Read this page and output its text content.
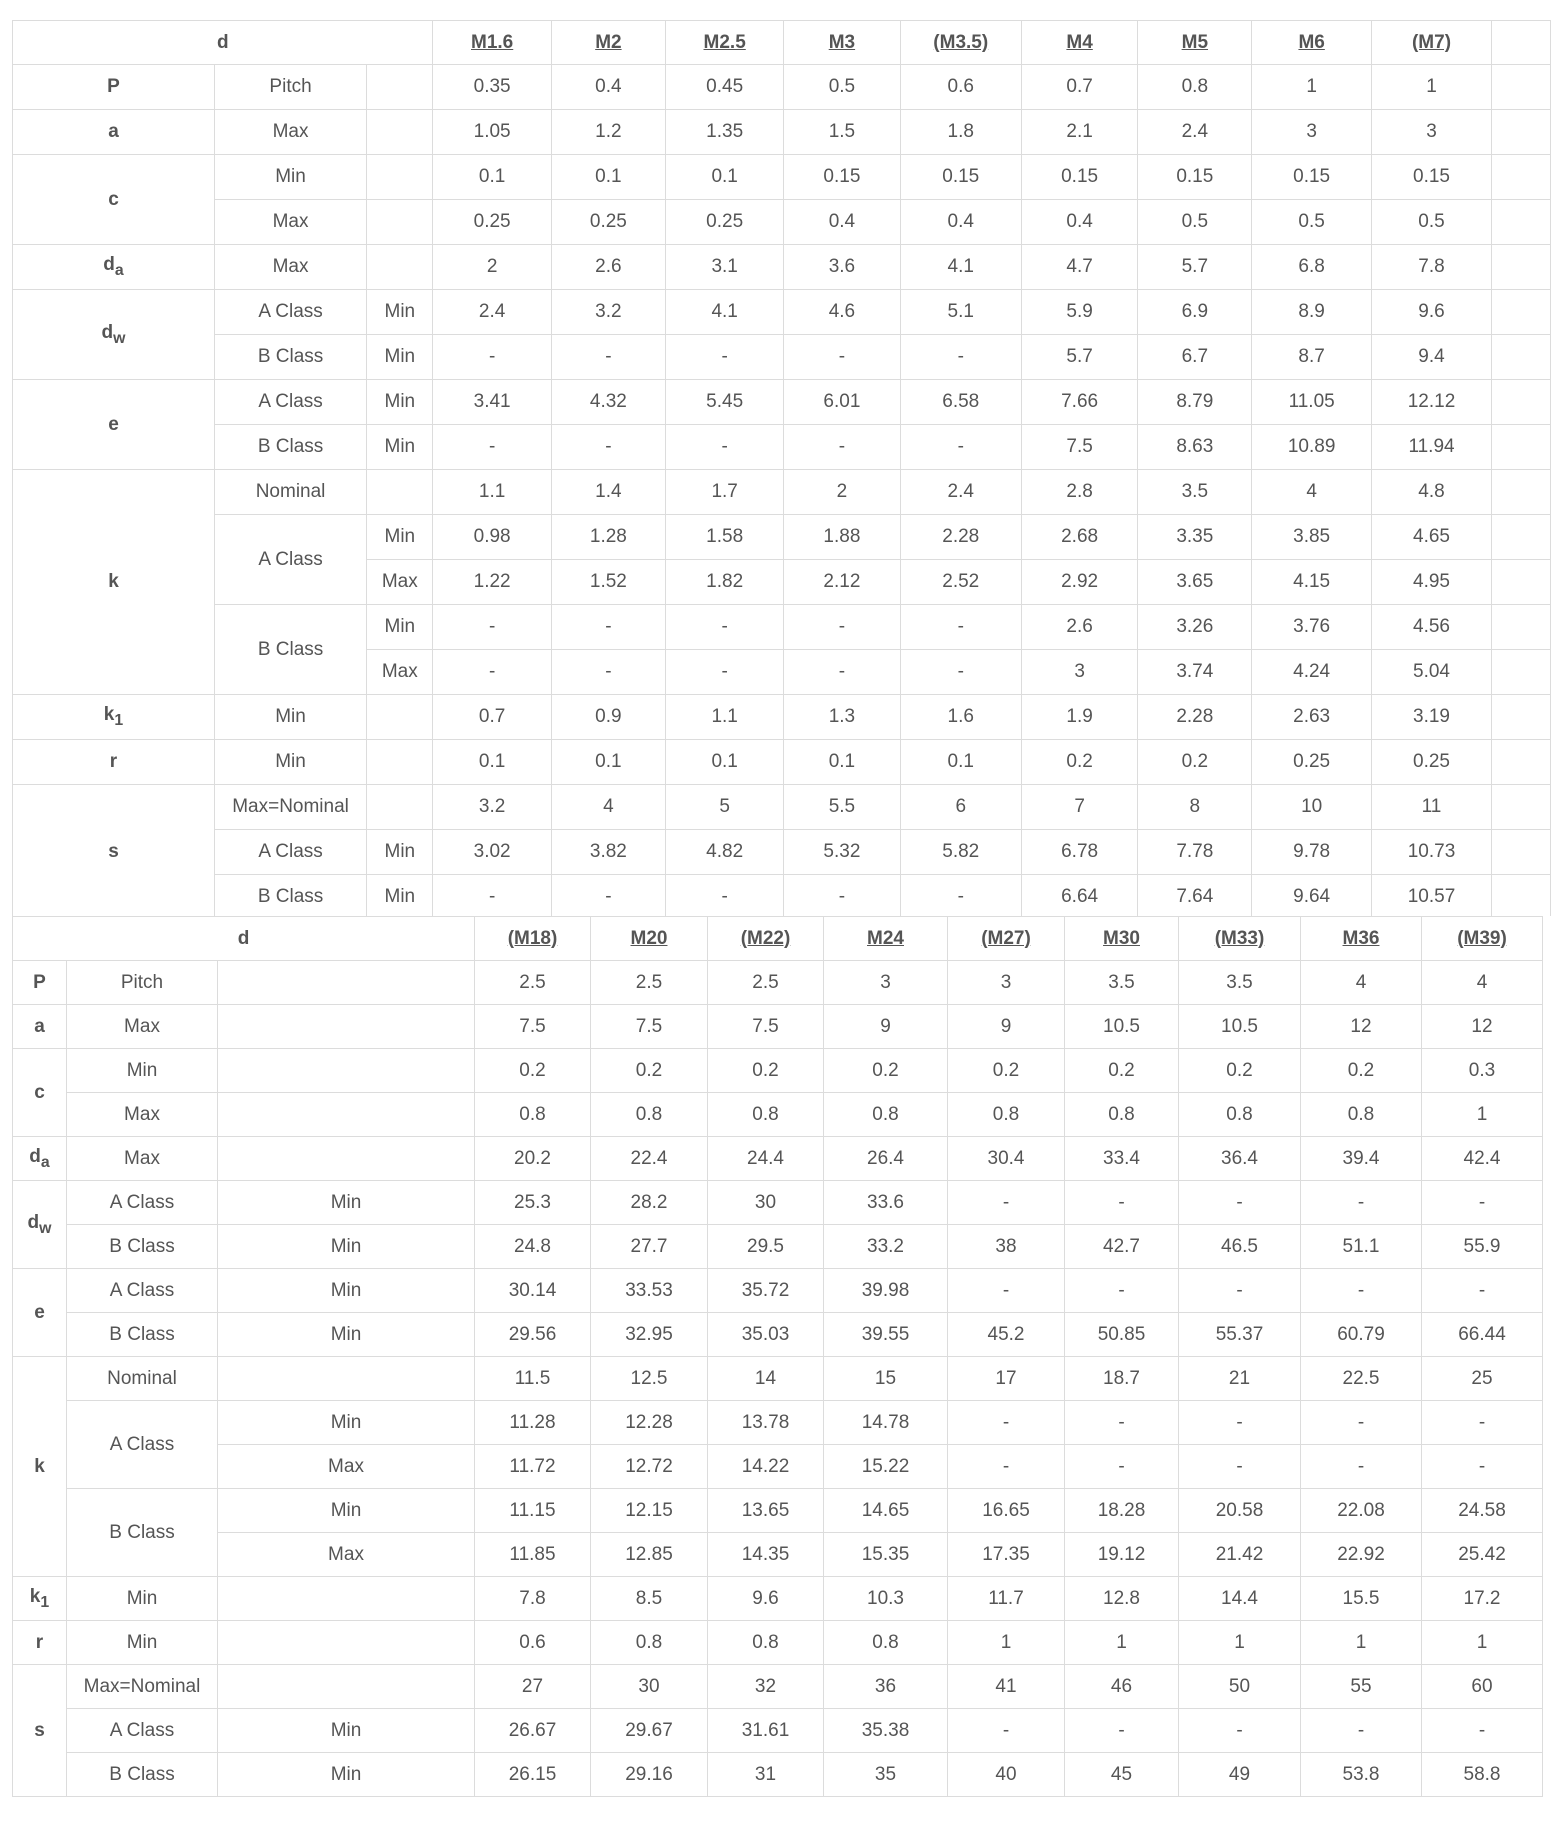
d			M1.6	M2	M2.5	M3	(M3.5)	M4	M5	M6	(M7)	
P	Pitch		0.35	0.4	0.45	0.5	0.6	0.7	0.8	1	1	
a	Max		1.05	1.2	1.35	1.5	1.8	2.1	2.4	3	3	
c	Min		0.1	0.1	0.1	0.15	0.15	0.15	0.15	0.15	0.15	
	Max		0.25	0.25	0.25	0.4	0.4	0.4	0.5	0.5	0.5	
$d_a$	Max		2	2.6	3.1	3.6	4.1	4.7	5.7	6.8	7.8	
$d_w$	A Class	Min	2.4	3.2	4.1	4.6	5.1	5.9	6.9	8.9	9.6	
	B Class	Min	-	-	-	-	-	5.7	6.7	8.7	9.4	
e	A Class	Min	3.41	4.32	5.45	6.01	6.58	7.66	8.79	11.05	12.12	
	B Class	Min	-	-	-	-	-	7.5	8.63	10.89	11.94	
k	Nominal		1.1	1.4	1.7	2	2.4	2.8	3.5	4	4.8	
	A Class	Min	0.98	1.28	1.58	1.88	2.28	2.68	3.35	3.85	4.65	
		Max	1.22	1.52	1.82	2.12	2.52	2.92	3.65	4.15	4.95	
	B Class	Min	-	-	-	-	-	2.6	3.26	3.76	4.56	
		Max	-	-	-	-	-	3	3.74	4.24	5.04	
$k_1$	Min		0.7	0.9	1.1	1.3	1.6	1.9	2.28	2.63	3.19	
r	Min		0.1	0.1	0.1	0.1	0.1	0.2	0.2	0.25	0.25	
s	Max=Nominal		3.2	4	5	5.5	6	7	8	10	11	
	A Class	Min	3.02	3.82	4.82	5.32	5.82	6.78	7.78	9.78	10.73	
	B Class	Min	-	-	-	-	-	6.64	7.64	9.64	10.57	
d			(M18)	M20	(M22)	M24	(M27)	M30	(M33)	M36	(M39)
P	Pitch		2.5	2.5	2.5	3	3	3.5	3.5	4	4
a	Max		7.5	7.5	7.5	9	9	10.5	10.5	12	12
c	Min		0.2	0.2	0.2	0.2	0.2	0.2	0.2	0.2	0.3
	Max		0.8	0.8	0.8	0.8	0.8	0.8	0.8	0.8	1
$d_a$	Max		20.2	22.4	24.4	26.4	30.4	33.4	36.4	39.4	42.4
$d_w$	A Class	Min	25.3	28.2	30	33.6	-	-	-	-	-
	B Class	Min	24.8	27.7	29.5	33.2	38	42.7	46.5	51.1	55.9
e	A Class	Min	30.14	33.53	35.72	39.98	-	-	-	-	-
	B Class	Min	29.56	32.95	35.03	39.55	45.2	50.85	55.37	60.79	66.44
k	Nominal		11.5	12.5	14	15	17	18.7	21	22.5	25
	A Class	Min	11.28	12.28	13.78	14.78	-	-	-	-	-
		Max	11.72	12.72	14.22	15.22	-	-	-	-	-
	B Class	Min	11.15	12.15	13.65	14.65	16.65	18.28	20.58	22.08	24.58
		Max	11.85	12.85	14.35	15.35	17.35	19.12	21.42	22.92	25.42
$k_1$	Min		7.8	8.5	9.6	10.3	11.7	12.8	14.4	15.5	17.2
r	Min		0.6	0.8	0.8	0.8	1	1	1	1	1
s	Max=Nominal		27	30	32	36	41	46	50	55	60
	A Class	Min	26.67	29.67	31.61	35.38	-	-	-	-	-
	B Class	Min	26.15	29.16	31	35	40	45	49	53.8	58.8
